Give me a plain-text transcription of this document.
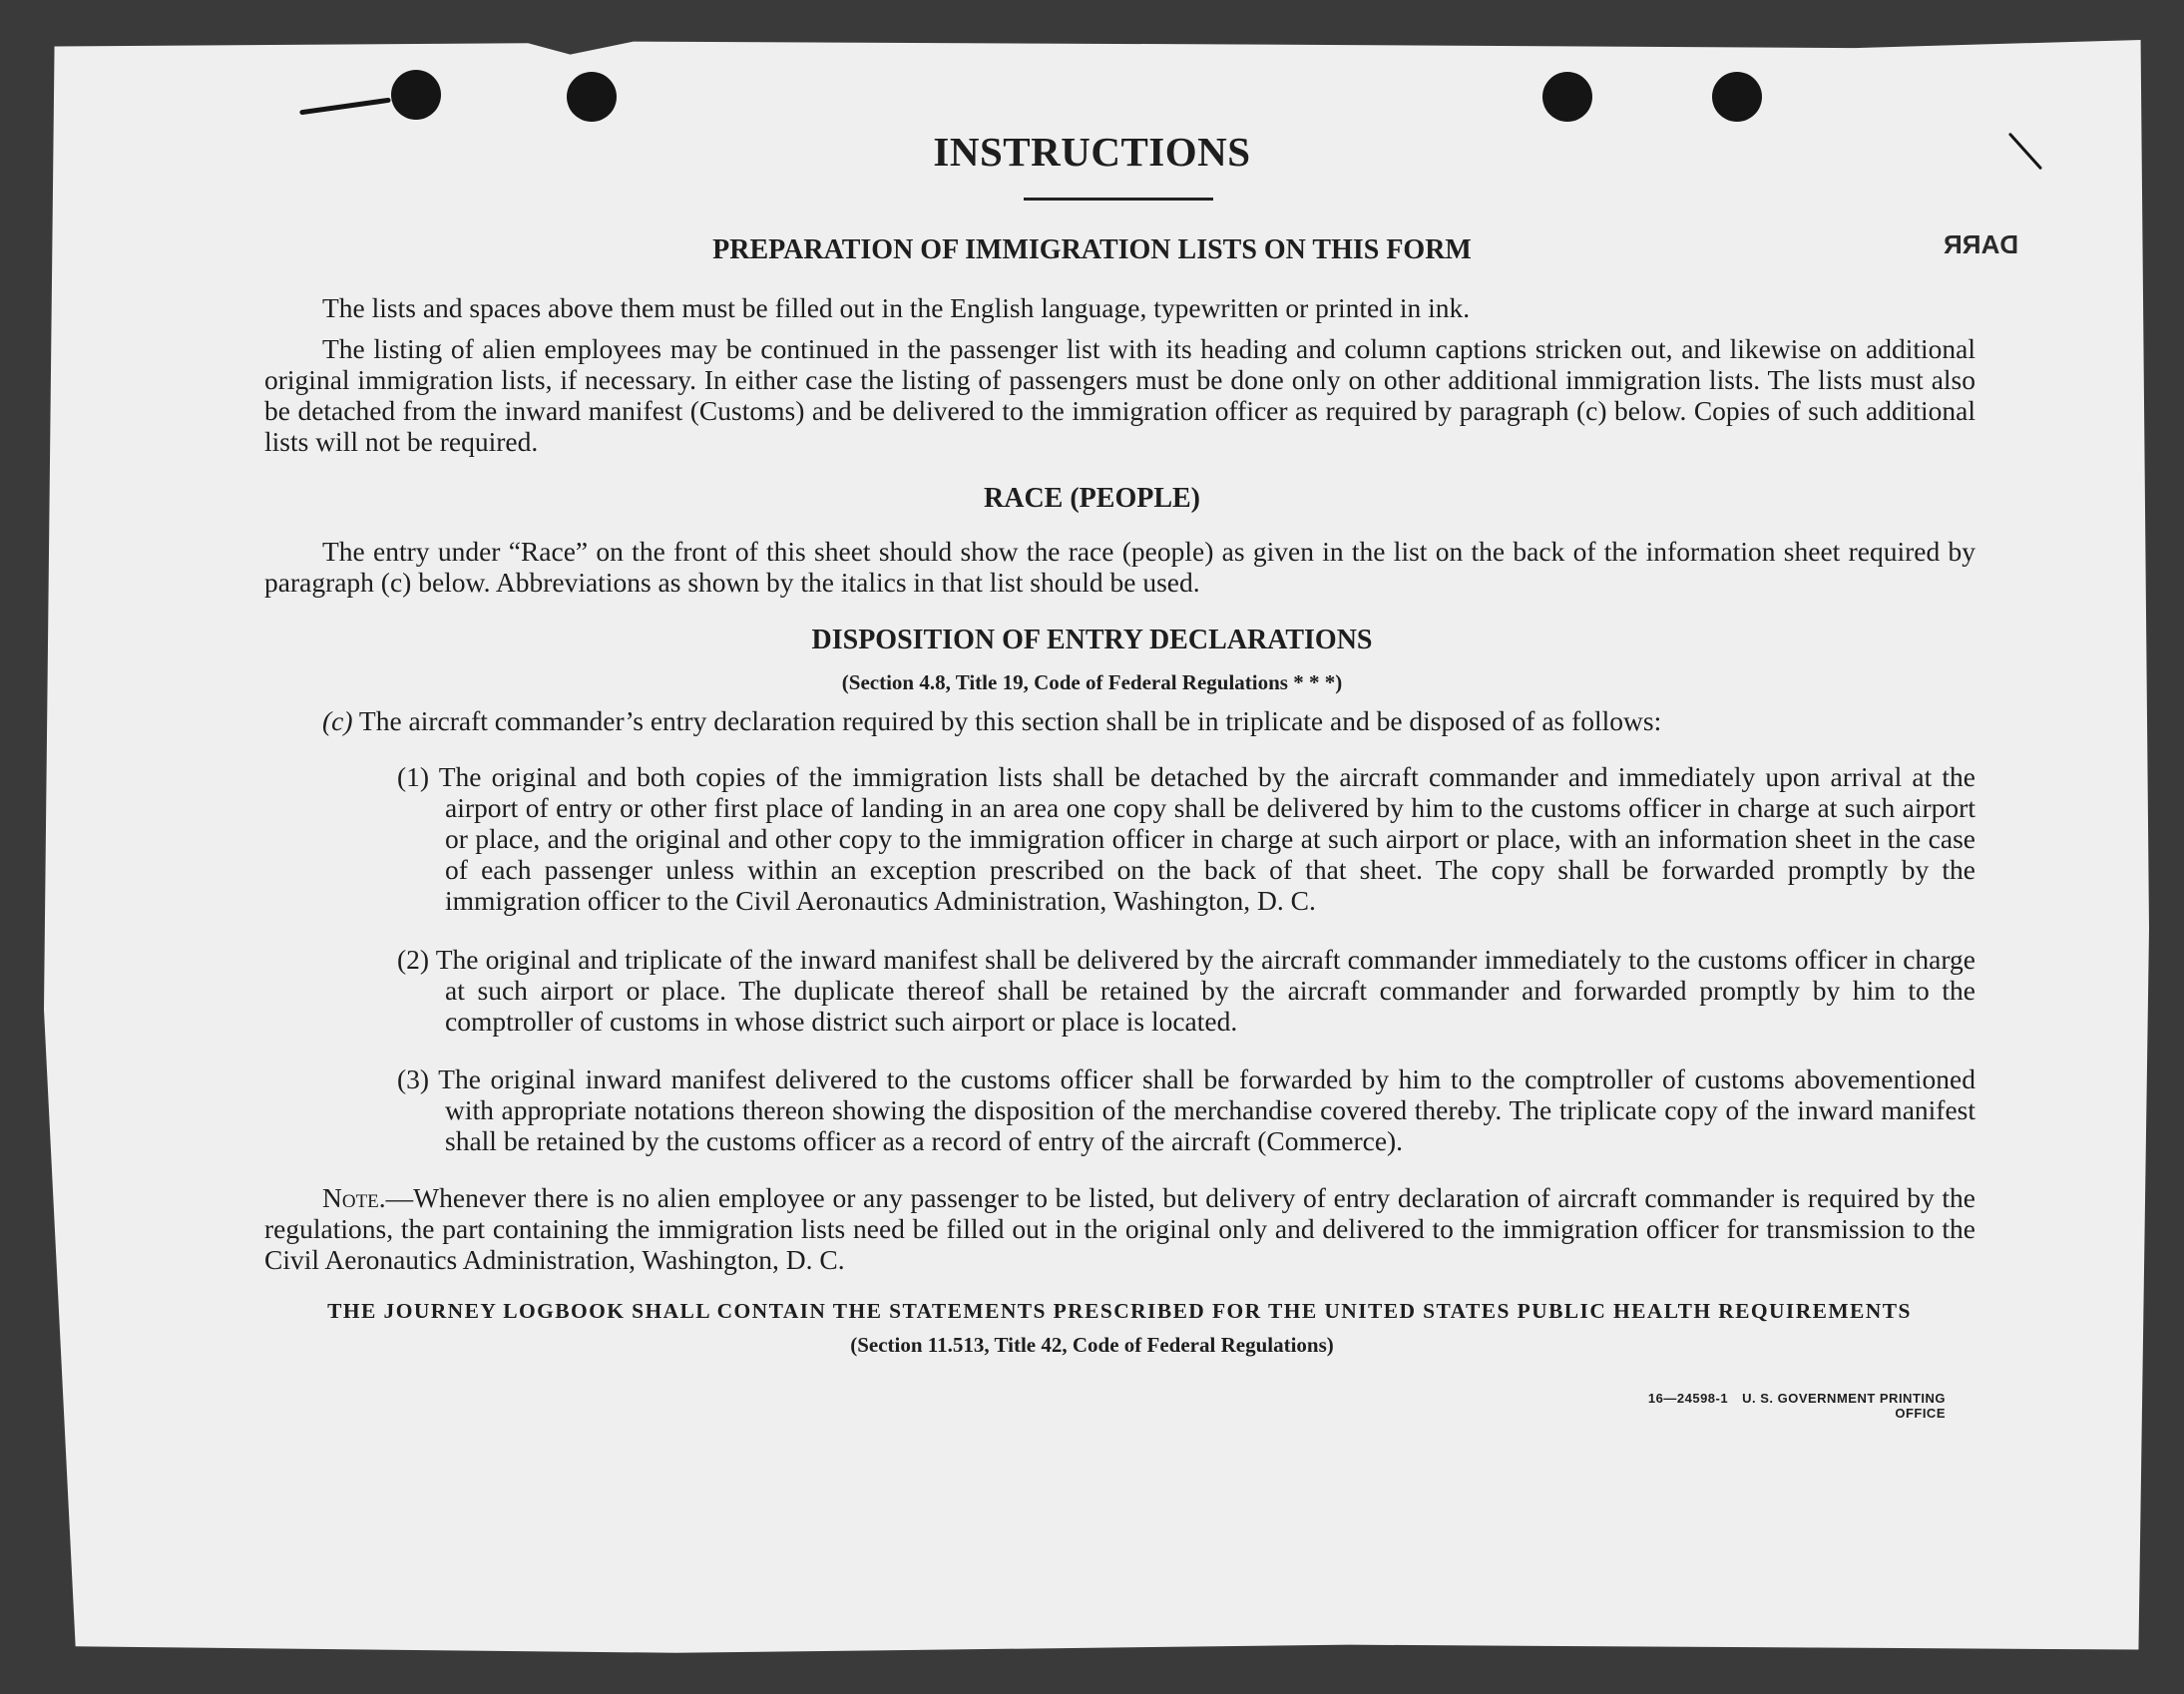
INSTRUCTIONS
DARR
PREPARATION OF IMMIGRATION LISTS ON THIS FORM

The lists and spaces above them must be filled out in the English language, typewritten or printed in ink.

The listing of alien employees may be continued in the passenger list with its heading and column captions stricken out, and likewise on additional original immigration lists, if necessary. In either case the listing of passengers must be done only on other additional immigration lists. The lists must also be detached from the inward manifest (Customs) and be delivered to the immigration officer as required by paragraph (c) below. Copies of such additional lists will not be required.

RACE (PEOPLE)

The entry under “Race” on the front of this sheet should show the race (people) as given in the list on the back of the information sheet required by paragraph (c) below. Abbreviations as shown by the italics in that list should be used.

DISPOSITION OF ENTRY DECLARATIONS
(Section 4.8, Title 19, Code of Federal Regulations * * *)
(c) The aircraft commander’s entry declaration required by this section shall be in triplicate and be disposed of as follows:
(1) The original and both copies of the immigration lists shall be detached by the aircraft commander and immediately upon arrival at the airport of entry or other first place of landing in an area one copy shall be delivered by him to the customs officer in charge at such airport or place, and the original and other copy to the immigration officer in charge at such airport or place, with an information sheet in the case of each passenger unless within an exception prescribed on the back of that sheet. The copy shall be forwarded promptly by the immigration officer to the Civil Aeronautics Administration, Washington, D. C.
(2) The original and triplicate of the inward manifest shall be delivered by the aircraft commander immediately to the customs officer in charge at such airport or place. The duplicate thereof shall be retained by the aircraft commander and forwarded promptly by him to the comptroller of customs in whose district such airport or place is located.
(3) The original inward manifest delivered to the customs officer shall be forwarded by him to the comptroller of customs abovementioned with appropriate notations thereon showing the disposition of the merchandise covered thereby. The triplicate copy of the inward manifest shall be retained by the customs officer as a record of entry of the aircraft (Commerce).

Note.—Whenever there is no alien employee or any passenger to be listed, but delivery of entry declaration of aircraft commander is required by the regulations, the part containing the immigration lists need be filled out in the original only and delivered to the immigration officer for transmission to the Civil Aeronautics Administration, Washington, D. C.

THE JOURNEY LOGBOOK SHALL CONTAIN THE STATEMENTS PRESCRIBED FOR THE UNITED STATES PUBLIC HEALTH REQUIREMENTS
(Section 11.513, Title 42, Code of Federal Regulations)
16—24598-1 U. S. GOVERNMENT PRINTING OFFICE
